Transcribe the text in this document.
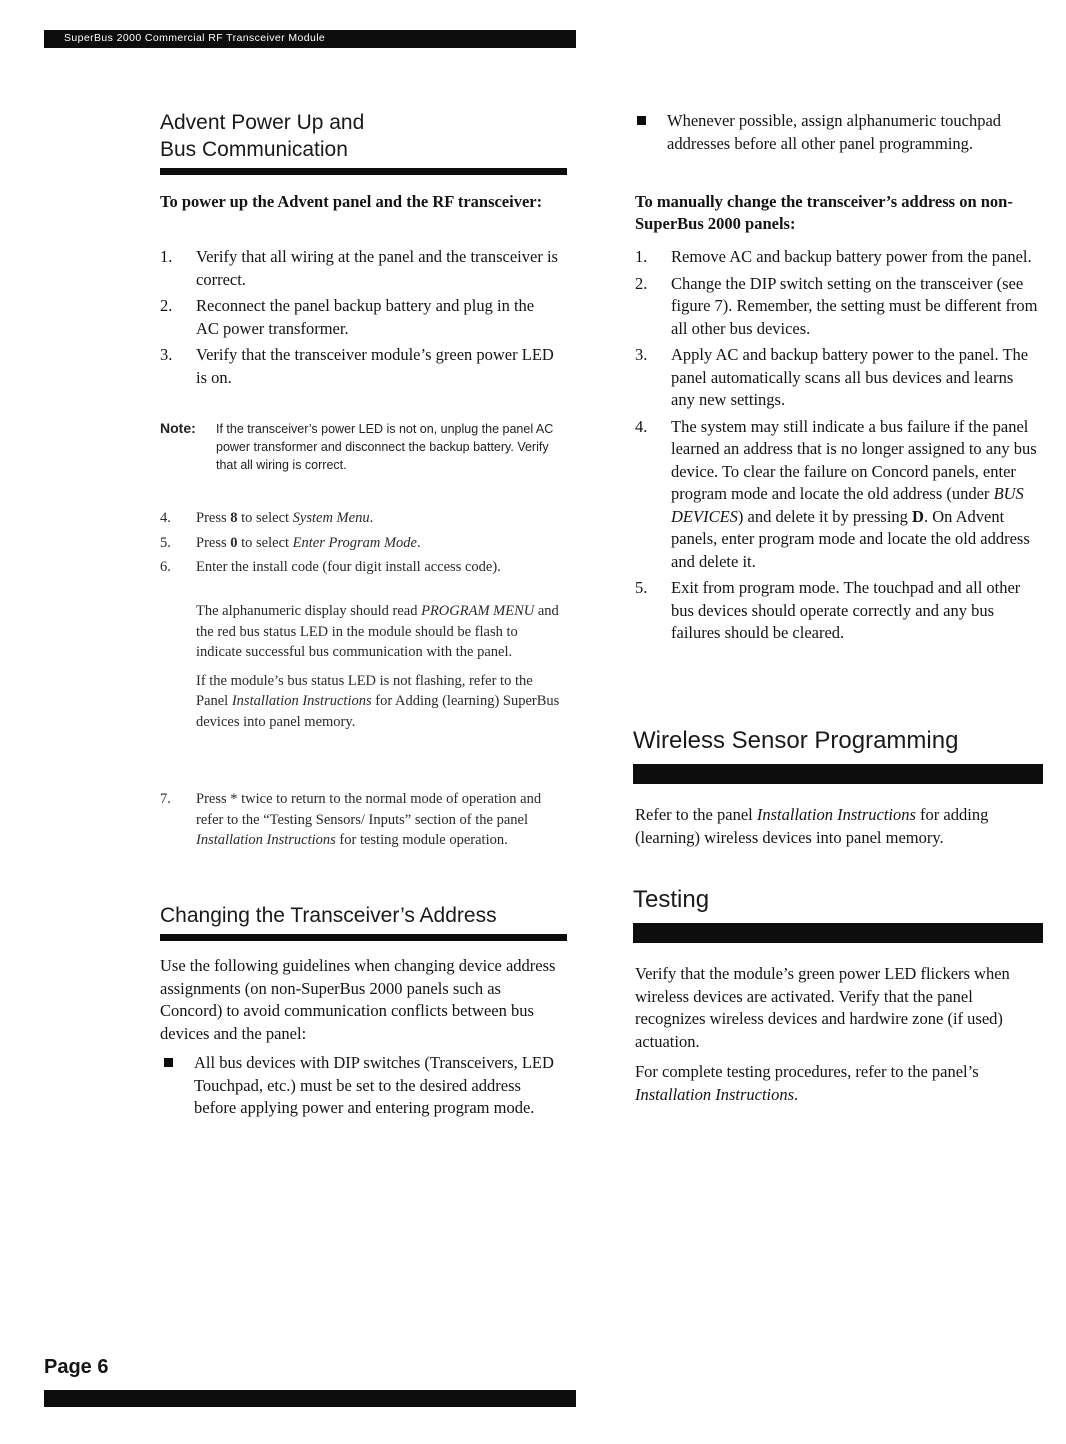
SuperBus 2000 Commercial RF Transceiver Module
Advent Power Up and
Bus Communication
To power up the Advent panel and the RF transceiver:
1. Verify that all wiring at the panel and the transceiver is correct.
2. Reconnect the panel backup battery and plug in the AC power transformer.
3. Verify that the transceiver module’s green power LED is on.
Note: If the transceiver’s power LED is not on, unplug the panel AC power transformer and disconnect the backup battery. Verify that all wiring is correct.
4. Press 8 to select System Menu.
5. Press 0 to select Enter Program Mode.
6. Enter the install code (four digit install access code).

The alphanumeric display should read PROGRAM MENU and the red bus status LED in the module should be flash to indicate successful bus communication with the panel.

If the module’s bus status LED is not flashing, refer to the Panel Installation Instructions for Adding (learning) SuperBus devices into panel memory.

7. Press * twice to return to the normal mode of operation and refer to the “Testing Sensors/ Inputs” section of the panel Installation Instructions for testing module operation.
Changing the Transceiver’s Address

Use the following guidelines when changing device address assignments (on non-SuperBus 2000 panels such as Concord) to avoid communication conflicts between bus devices and the panel:

All bus devices with DIP switches (Transceivers, LED Touchpad, etc.) must be set to the desired address before applying power and entering program mode.
Page 6
Whenever possible, assign alphanumeric touchpad addresses before all other panel programming.
To manually change the transceiver’s address on non-SuperBus 2000 panels:
1. Remove AC and backup battery power from the panel.
2. Change the DIP switch setting on the transceiver (see figure 7). Remember, the setting must be different from all other bus devices.
3. Apply AC and backup battery power to the panel. The panel automatically scans all bus devices and learns any new settings.
4. The system may still indicate a bus failure if the panel learned an address that is no longer assigned to any bus device. To clear the failure on Concord panels, enter program mode and locate the old address (under BUS DEVICES) and delete it by pressing D. On Advent panels, enter program mode and locate the old address and delete it.
5. Exit from program mode. The touchpad and all other bus devices should operate correctly and any bus failures should be cleared.
Wireless Sensor Programming

Refer to the panel Installation Instructions for adding (learning) wireless devices into panel memory.

Testing

Verify that the module’s green power LED flickers when wireless devices are activated. Verify that the panel recognizes wireless devices and hardwire zone (if used) actuation.

For complete testing procedures, refer to the panel’s Installation Instructions.
